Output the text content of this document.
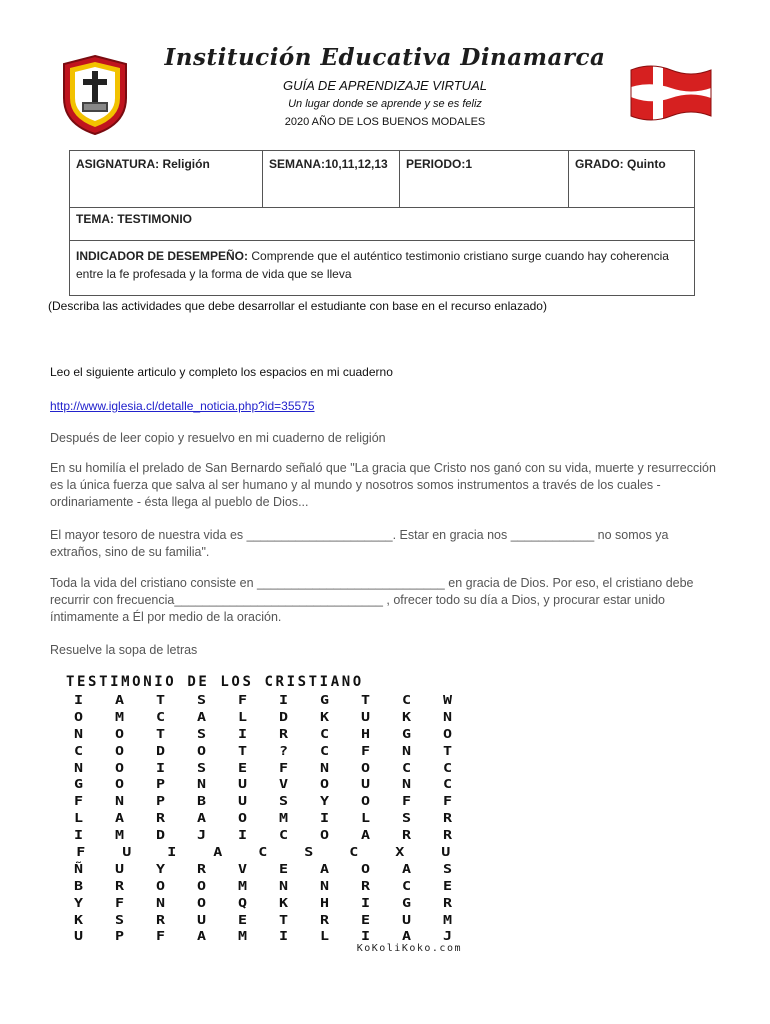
Institución Educativa Dinamarca
GUÍA DE APRENDIZAJE VIRTUAL
Un lugar donde se aprende y se es feliz
2020 AÑO DE LOS BUENOS MODALES
ASIGNATURA: Religión	SEMANA:10,11,12,13	PERIODO:1	GRADO: Quinto
TEMA: TESTIMONIO
INDICADOR DE DESEMPEÑO: Comprende que el auténtico testimonio cristiano surge cuando hay coherencia entre la fe profesada y la forma de vida que se lleva
(Describa las actividades que debe desarrollar el estudiante con base en el recurso enlazado)
Leo el siguiente articulo y completo los espacios en mi cuaderno
http://www.iglesia.cl/detalle_noticia.php?id=35575
Después de leer copio y resuelvo en mi cuaderno de religión
En su homilía el prelado de San Bernardo señaló que "La gracia que Cristo nos ganó con su vida, muerte y resurrección es la única fuerza que salva al ser humano y al mundo y nosotros somos instrumentos a través de los cuales - ordinariamente - ésta llega al pueblo de Dios...
El mayor tesoro de nuestra vida es _____________________. Estar en gracia nos ____________ no somos ya extraños, sino de su familia".
Toda la vida del cristiano consiste en ___________________________ en gracia de Dios. Por eso, el cristiano debe recurrir con frecuencia______________________________ , ofrecer todo su día a Dios, y procurar estar unido íntimamente a Él por medio de la oración.
Resuelve la sopa de letras
TESTIMONIO DE LOS CRISTIANO
I	A	T	S	F	I	G	T	C	W
O	M	C	A	L	D	K	U	K	N
N	O	T	S	I	R	C	H	G	O
C	O	D	O	T	?	C	F	N	T
N	O	I	S	E	F	N	O	C	C
G	O	P	N	U	V	O	U	N	C
F	N	P	B	U	S	Y	O	F	F
L	A	R	A	O	M	I	L	S	R
I	M	D	J	I	C	O	A	R	R
F	U	I	A	C	S	C	X	U
Ñ	U	Y	R	V	E	A	O	A	S
B	R	O	O	M	N	N	R	C	E
Y	F	N	O	Q	K	H	I	G	R
K	S	R	U	E	T	R	E	U	M
U	P	F	A	M	I	L	I	A	J
KoKoliKoko.com
